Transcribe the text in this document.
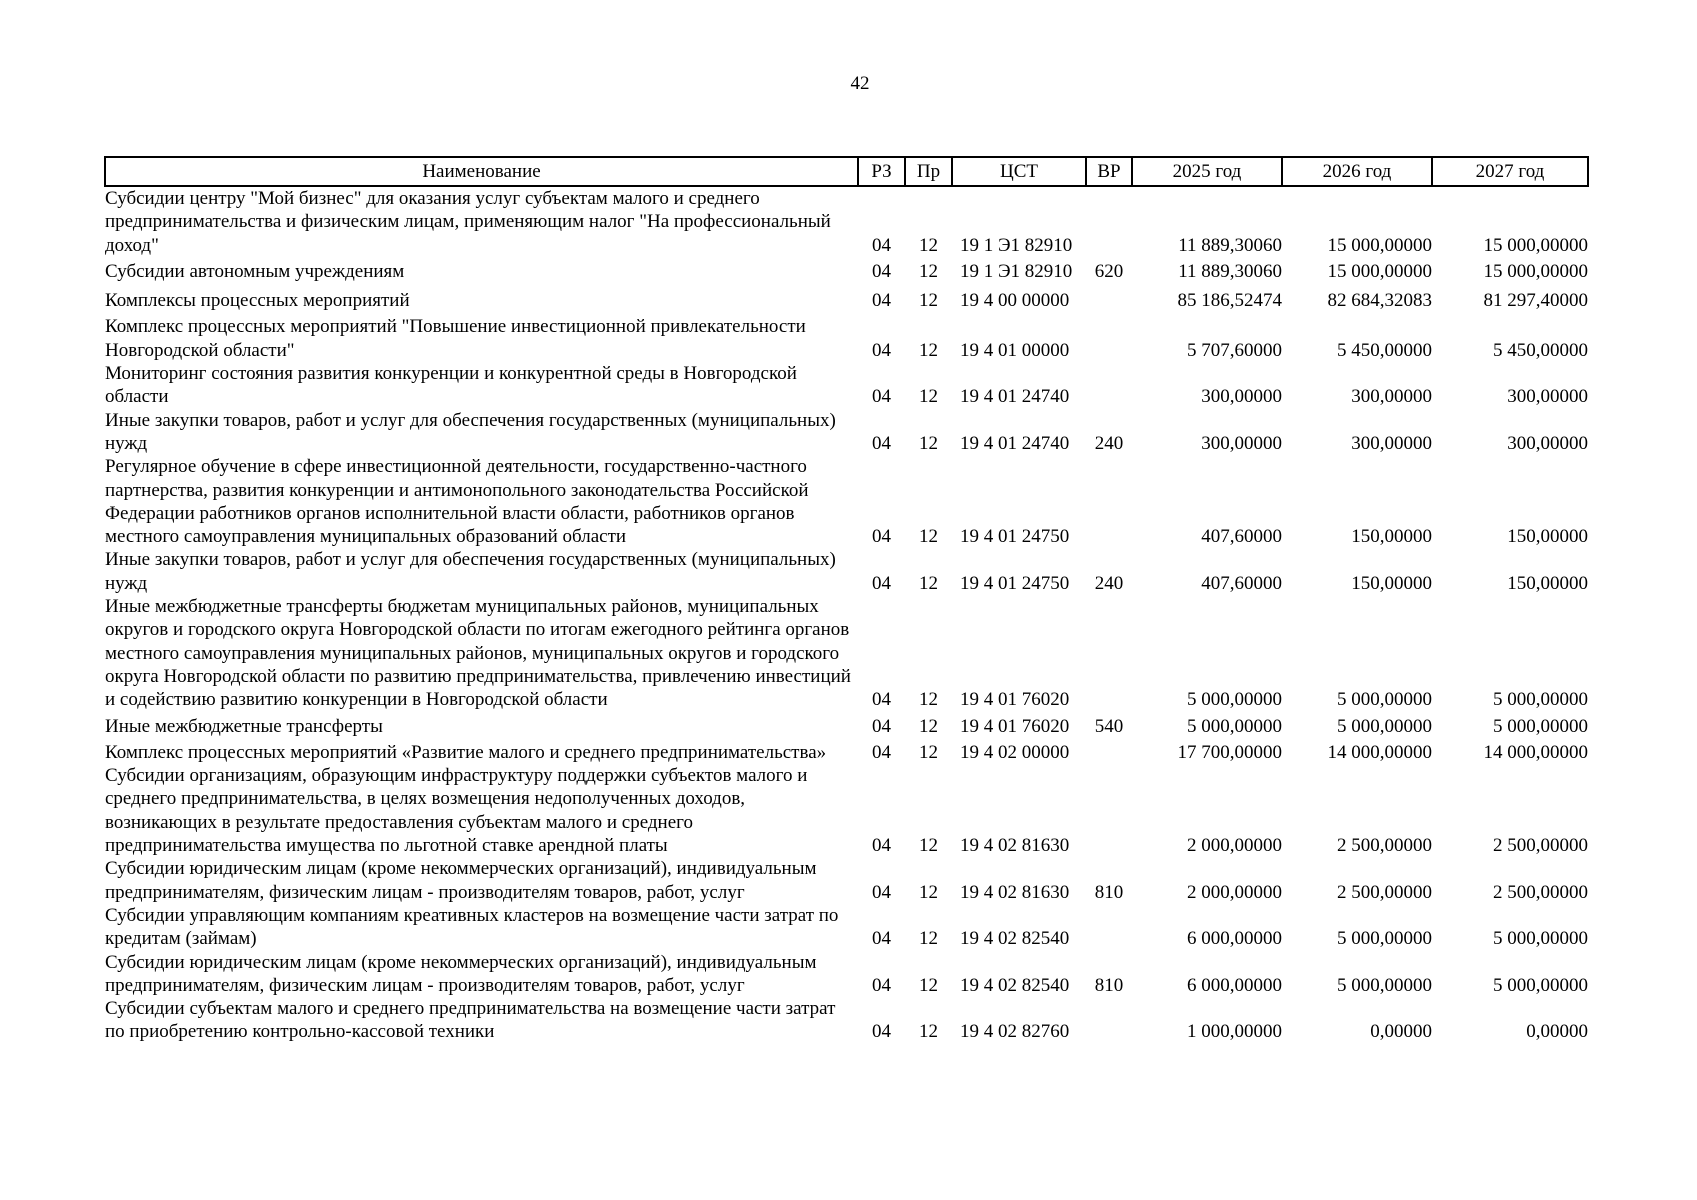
42
Наименование	РЗ	Пр	ЦСТ	ВР	2025 год	2026 год	2027 год
Субсидии центру "Мой бизнес" для оказания услуг субъектам малого и среднего предпринимательства и физическим лицам, применяющим налог "На профессиональный доход"	04	12	19 1 Э1 82910		11 889,30060	15 000,00000	15 000,00000
Субсидии автономным учреждениям	04	12	19 1 Э1 82910	620	11 889,30060	15 000,00000	15 000,00000
Комплексы процессных мероприятий	04	12	19 4 00 00000		85 186,52474	82 684,32083	81 297,40000
Комплекс процессных мероприятий "Повышение инвестиционной привлекательности Новгородской области"	04	12	19 4 01 00000		5 707,60000	5 450,00000	5 450,00000
Мониторинг состояния развития конкуренции и конкурентной среды в Новгородской области	04	12	19 4 01 24740		300,00000	300,00000	300,00000
Иные закупки товаров, работ и услуг для обеспечения государственных (муниципальных) нужд	04	12	19 4 01 24740	240	300,00000	300,00000	300,00000
Регулярное обучение в сфере инвестиционной деятельности, государственно-частного партнерства, развития конкуренции и антимонопольного законодательства Российской Федерации работников органов исполнительной власти области, работников органов местного самоуправления муниципальных образований области	04	12	19 4 01 24750		407,60000	150,00000	150,00000
Иные закупки товаров, работ и услуг для обеспечения государственных (муниципальных) нужд	04	12	19 4 01 24750	240	407,60000	150,00000	150,00000
Иные межбюджетные трансферты бюджетам муниципальных районов, муниципальных округов и городского округа Новгородской области по итогам ежегодного рейтинга органов местного самоуправления муниципальных районов, муниципальных округов и городского округа Новгородской области по развитию предпринимательства, привлечению инвестиций и содействию развитию конкуренции в Новгородской области	04	12	19 4 01 76020		5 000,00000	5 000,00000	5 000,00000
Иные межбюджетные трансферты	04	12	19 4 01 76020	540	5 000,00000	5 000,00000	5 000,00000
Комплекс процессных мероприятий «Развитие малого и среднего предпринимательства»	04	12	19 4 02 00000		17 700,00000	14 000,00000	14 000,00000
Субсидии организациям, образующим инфраструктуру поддержки субъектов малого и среднего предпринимательства, в целях возмещения недополученных доходов, возникающих в результате предоставления субъектам малого и среднего предпринимательства имущества по льготной ставке арендной платы	04	12	19 4 02 81630		2 000,00000	2 500,00000	2 500,00000
Субсидии юридическим лицам (кроме некоммерческих организаций), индивидуальным предпринимателям, физическим лицам - производителям товаров, работ, услуг	04	12	19 4 02 81630	810	2 000,00000	2 500,00000	2 500,00000
Субсидии управляющим компаниям креативных кластеров на возмещение части затрат по кредитам (займам)	04	12	19 4 02 82540		6 000,00000	5 000,00000	5 000,00000
Субсидии юридическим лицам (кроме некоммерческих организаций), индивидуальным предпринимателям, физическим лицам - производителям товаров, работ, услуг	04	12	19 4 02 82540	810	6 000,00000	5 000,00000	5 000,00000
Субсидии субъектам малого и среднего предпринимательства на возмещение части затрат по приобретению контрольно-кассовой техники	04	12	19 4 02 82760		1 000,00000	0,00000	0,00000
